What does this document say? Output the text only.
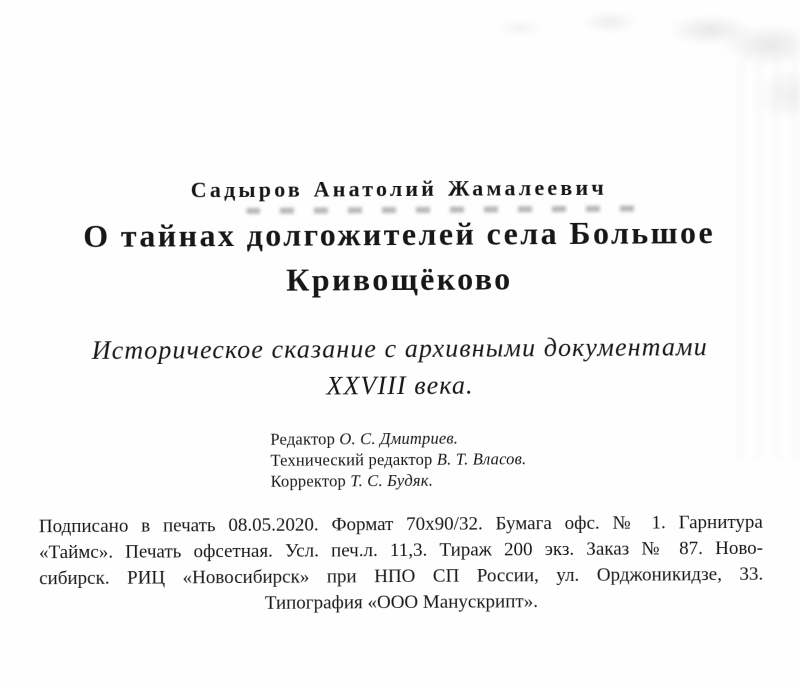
Садыров Анатолий Жамалеевич
О тайнах долгожителей села Большое
Кривощёково
Историческое сказание с архивными документами
XXVIII века.
Редактор О. С. Дмитриев.
Технический редактор В. Т. Власов.
Корректор Т. С. Будяк.
Подписано в печать 08.05.2020. Формат 70х90/32. Бумага офс. № 1. Гарнитура
«Таймс». Печать офсетная. Усл. печ.л. 11,3. Тираж 200 экз. Заказ № 87. Ново-
сибирск. РИЦ «Новосибирск» при НПО СП России, ул. Орджоникидзе, 33.
Типография «ООО Манускрипт».
